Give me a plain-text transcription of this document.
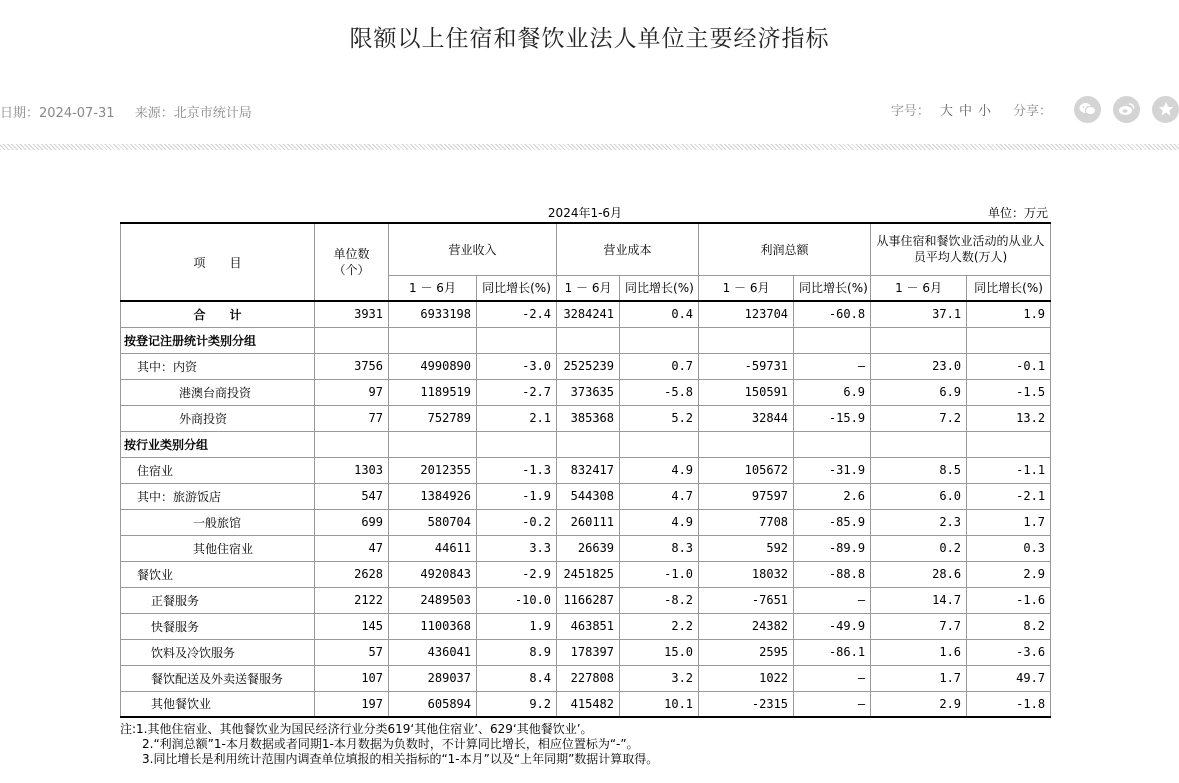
限额以上住宿和餐饮业法人单位主要经济指标
日期：2024-07-31 来源：北京市统计局	字号： 大 中 小 分享：
2024年1-6月	单位：万元
项　　目	单位数（个）	营业收入		营业成本		利润总额		从事住宿和餐饮业活动的从业人员平均人数(万人)	
		1 － 6月	同比增长(%)	1 － 6月	同比增长(%)	1 － 6月	同比增长(%)	1 － 6月	同比增长(%)
合　　计	3931	6933198	-2.4	3284241	0.4	123704	-60.8	37.1	1.9
按登记注册统计类别分组									
其中：内资	3756	4990890	-3.0	2525239	0.7	-59731	—	23.0	-0.1
港澳台商投资	97	1189519	-2.7	373635	-5.8	150591	6.9	6.9	-1.5
外商投资	77	752789	2.1	385368	5.2	32844	-15.9	7.2	13.2
按行业类别分组									
住宿业	1303	2012355	-1.3	832417	4.9	105672	-31.9	8.5	-1.1
其中：旅游饭店	547	1384926	-1.9	544308	4.7	97597	2.6	6.0	-2.1
一般旅馆	699	580704	-0.2	260111	4.9	7708	-85.9	2.3	1.7
其他住宿业	47	44611	3.3	26639	8.3	592	-89.9	0.2	0.3
餐饮业	2628	4920843	-2.9	2451825	-1.0	18032	-88.8	28.6	2.9
正餐服务	2122	2489503	-10.0	1166287	-8.2	-7651	—	14.7	-1.6
快餐服务	145	1100368	1.9	463851	2.2	24382	-49.9	7.7	8.2
饮料及冷饮服务	57	436041	8.9	178397	15.0	2595	-86.1	1.6	-3.6
餐饮配送及外卖送餐服务	107	289037	8.4	227808	3.2	1022	—	1.7	49.7
其他餐饮业	197	605894	9.2	415482	10.1	-2315	—	2.9	-1.8
注:1.其他住宿业、其他餐饮业为国民经济行业分类619‘其他住宿业’、629‘其他餐饮业’。
2.“利润总额”1-本月数据或者同期1-本月数据为负数时，不计算同比增长，相应位置标为“-”。
3.同比增长是利用统计范围内调查单位填报的相关指标的“1-本月”以及“上年同期”数据计算取得。
